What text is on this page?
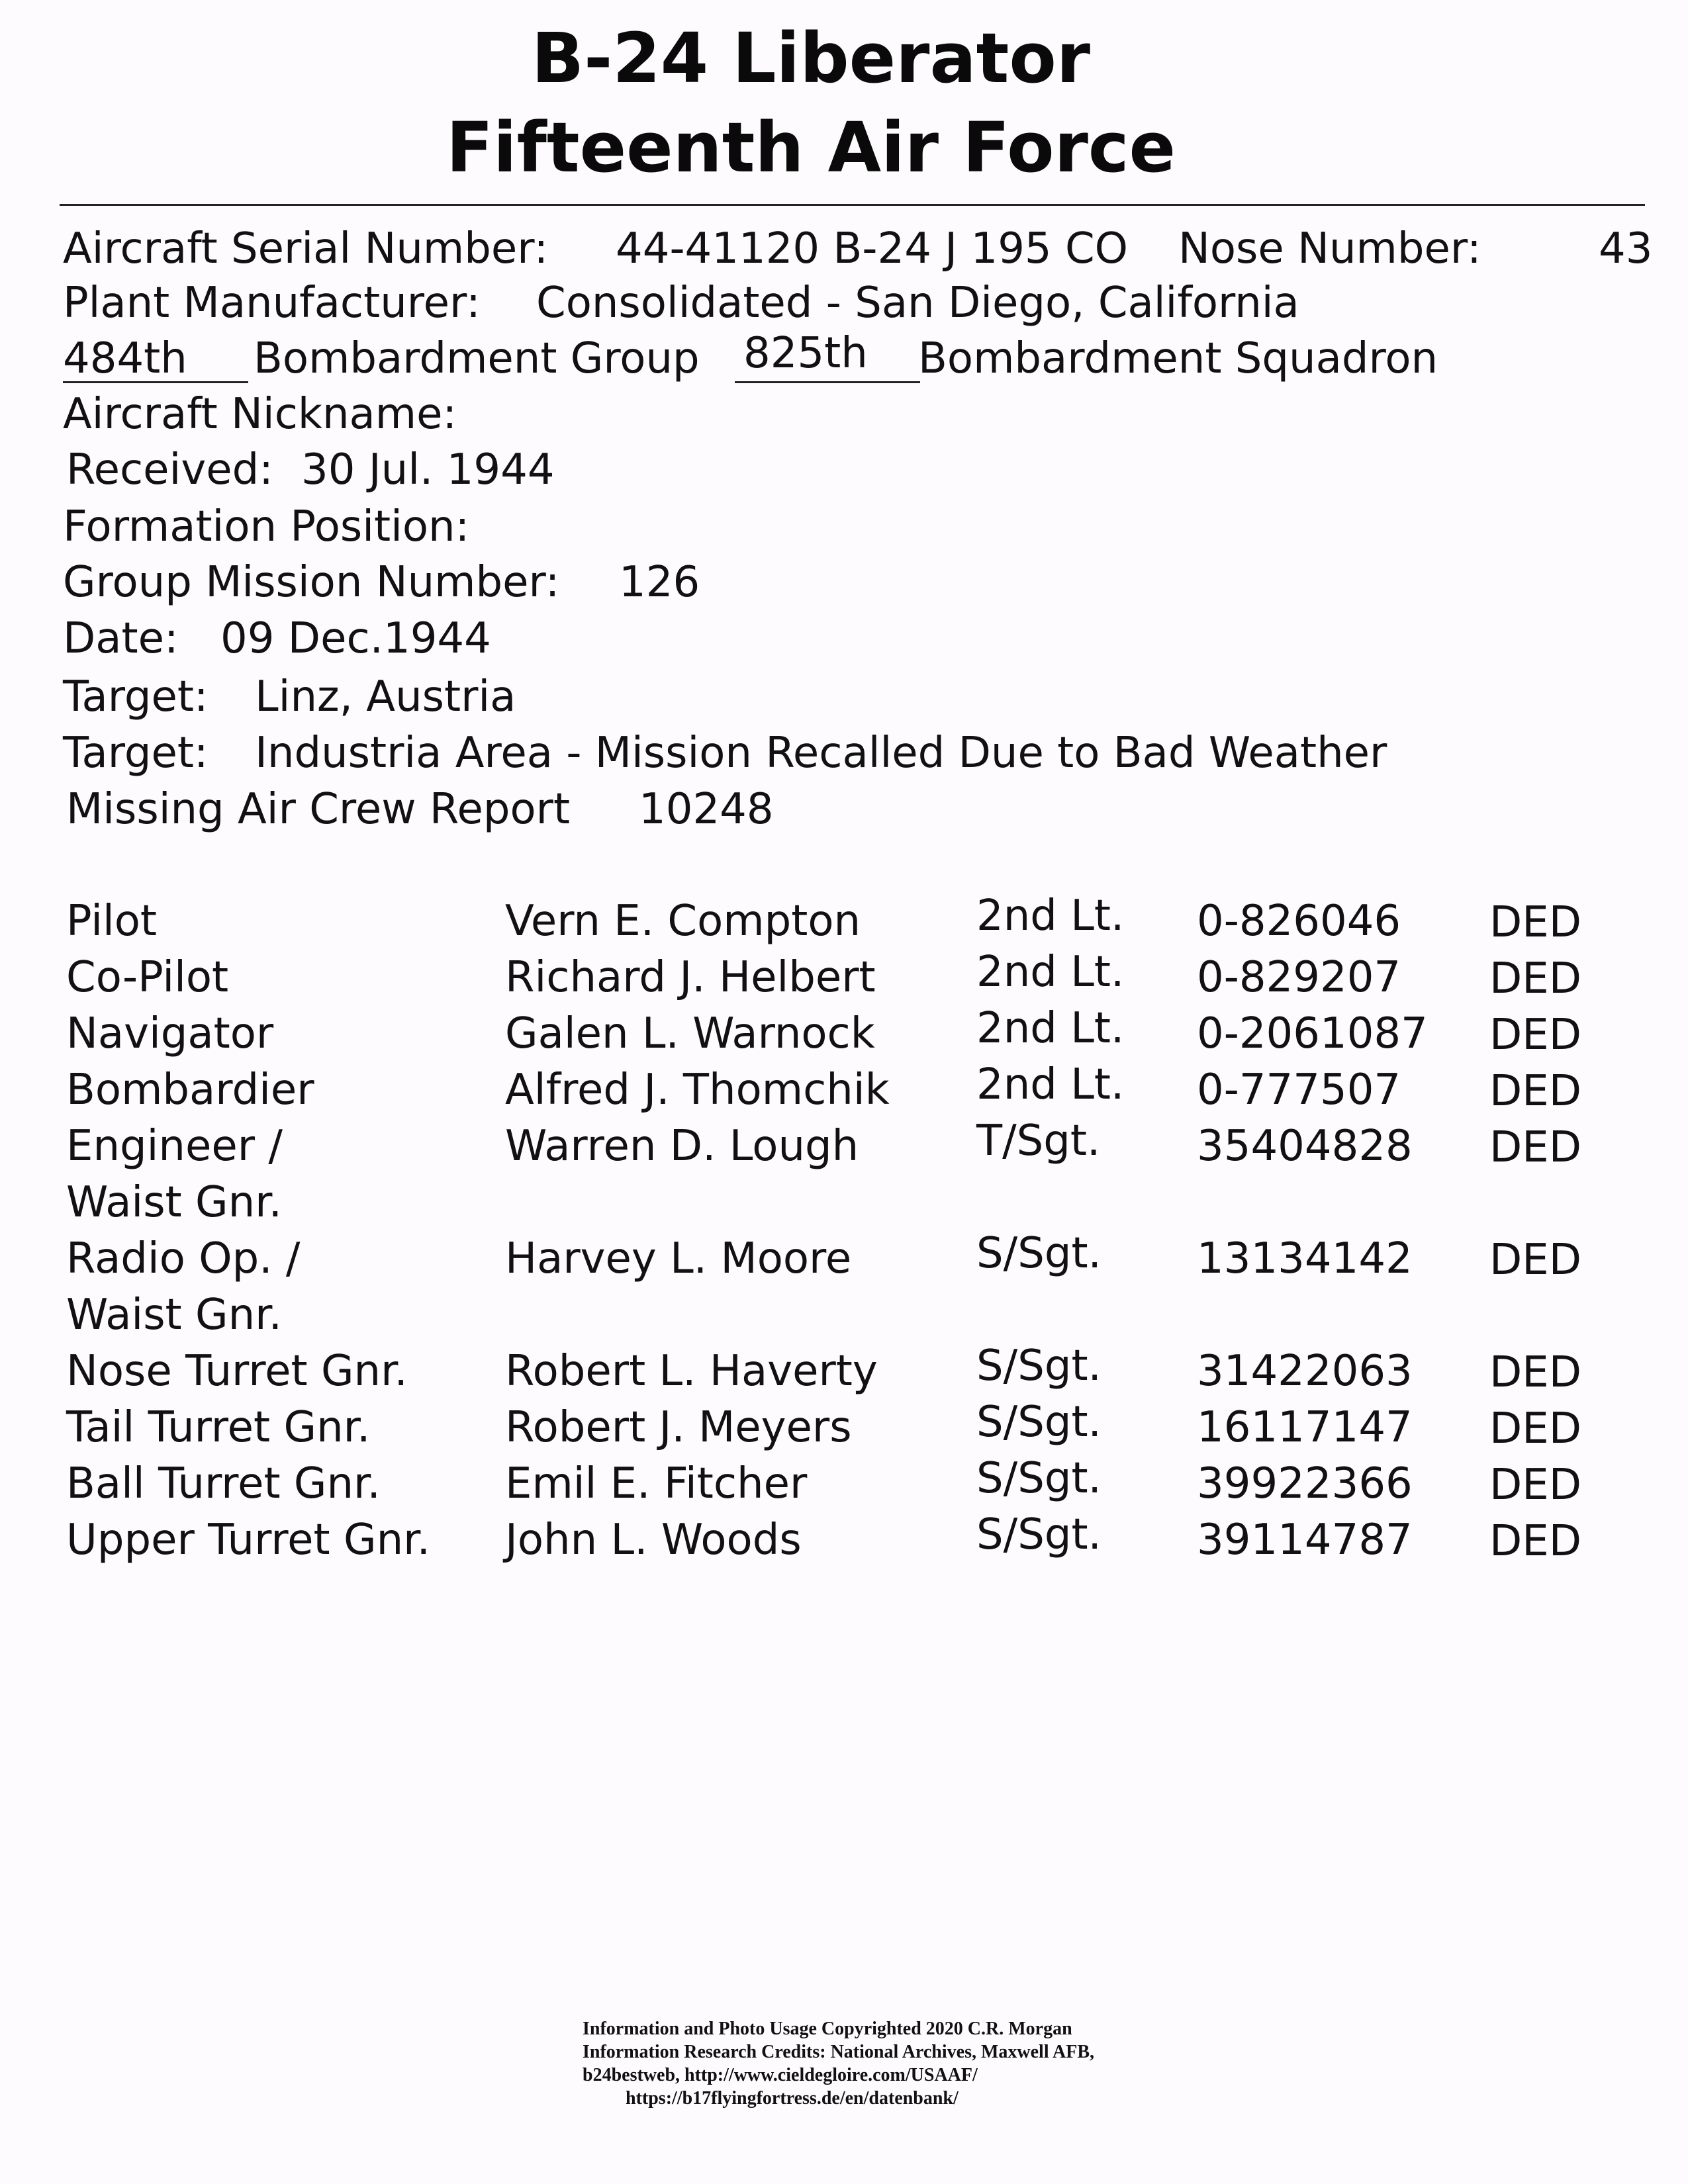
B-24 Liberator
Fifteenth Air Force
Aircraft Serial Number: 44-41120 B-24 J 195 CO Nose Number:	43
Plant Manufacturer: Consolidated - San Diego, California
484th Bombardment Group 825th Bombardment Squadron
Aircraft Nickname:
Received: 30 Jul. 1944
Formation Position:
Group Mission Number: 126
Date: 09 Dec.1944
Target: Linz, Austria
Target: Industria Area - Mission Recalled Due to Bad Weather
Missing Air Crew Report 10248
Pilot	Vern E. Compton	2nd Lt. 0-826046 DED
Co-Pilot	Richard J. Helbert 2nd Lt. 0-829207 DED
Navigator	Galen L. Warnock 2nd Lt. 0-2061087 DED
Bombardier	Alfred J. Thomchik 2nd Lt. 0-777507 DED
Engineer /	Warren D. Lough	T/Sgt. 35404828 DED
Waist Gnr.
Radio Op. /	Harvey L. Moore	S/Sgt. 13134142 DED
Waist Gnr.
Nose Turret Gnr. Robert L. Haverty S/Sgt. 31422063 DED
Tail Turret Gnr.	Robert J. Meyers	S/Sgt. 16117147 DED
Ball Turret Gnr.	Emil E. Fitcher	S/Sgt. 39922366 DED
Upper Turret Gnr. John L. Woods	S/Sgt. 39114787 DED
Information and Photo Usage Copyrighted 2020 C.R. Morgan
Information Research Credits: National Archives, Maxwell AFB,
b24bestweb, http://www.cieldegloire.com/USAAF/
https://b17flyingfortress.de/en/datenbank/
